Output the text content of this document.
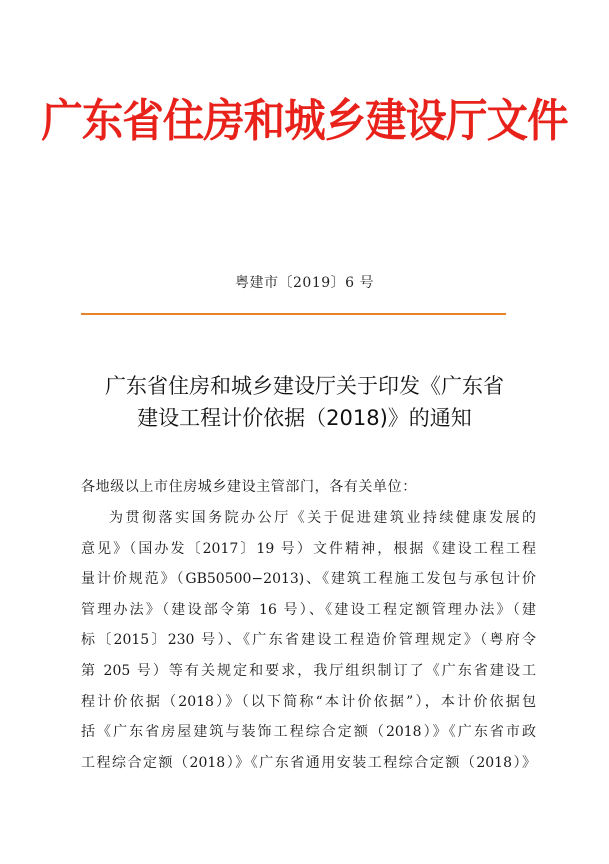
广东省住房和城乡建设厅文件
粤建市〔2019〕6 号
广东省住房和城乡建设厅关于印发《广东省
建设工程计价依据（2018)》的通知
各地级以上市住房城乡建设主管部门，各有关单位：
为贯彻落实国务院办公厅《关于促进建筑业持续健康发展的
意见》（国办发〔2017〕19 号）文件精神，根据《建设工程工程
量计价规范》（GB50500−2013)、《建筑工程施工发包与承包计价
管理办法》（建设部令第 16 号）、《建设工程定额管理办法》（建
标〔2015〕230 号）、《广东省建设工程造价管理规定》（粤府令
第 205 号）等有关规定和要求，我厅组织制订了《广东省建设工
程计价依据（2018）》（以下简称“本计价依据”），本计价依据包
括《广东省房屋建筑与装饰工程综合定额（2018）》《广东省市政
工程综合定额（2018）》《广东省通用安装工程综合定额（2018）》
